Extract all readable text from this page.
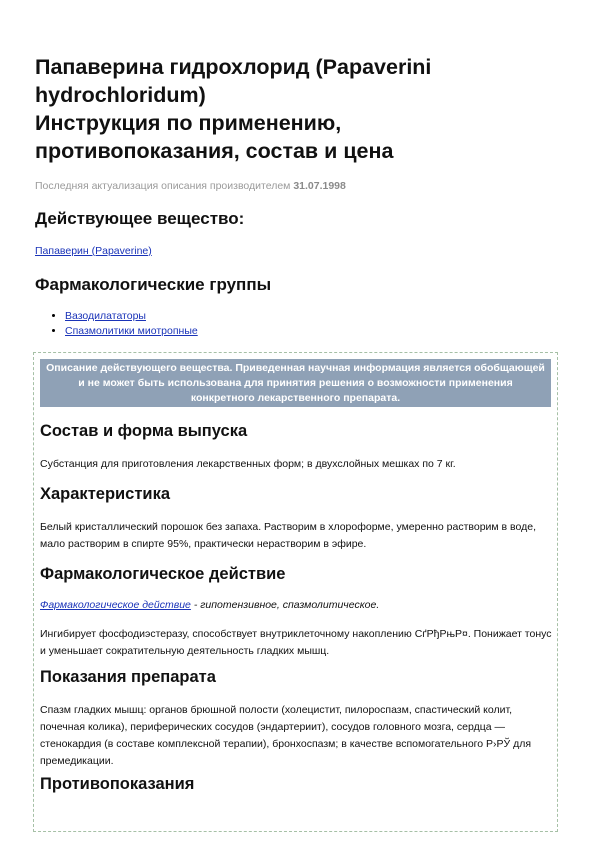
Папаверина гидрохлорид (Papaverini
hydrochloridum)
Инструкция по применению,
противопоказания, состав и цена

Последняя актуализация описания производителем 31.07.1998

Действующее вещество:
Папаверин (Papaverine)
Фармакологические группы
• Вазодилататоры
• Спазмолитики миотропные
Описание действующего вещества. Приведенная научная информация является обобщающей и не может быть использована для принятия решения о возможности применения конкретного лекарственного препарата.
Состав и форма выпуска

Субстанция для приготовления лекарственных форм; в двухслойных мешках по 7 кг.

Характеристика

Белый кристаллический порошок без запаха. Растворим в хлороформе, умеренно растворим в воде, мало растворим в спирте 95%, практически нерастворим в эфире.

Фармакологическое действие

Фармакологическое действие - гипотензивное, спазмолитическое.

Ингибирует фосфодиэстеразу, способствует внутриклеточному накоплению СґРђРњР¤. Понижает тонус и уменьшает сократительную деятельность гладких мышц.

Показания препарата

Спазм гладких мышц: органов брюшной полости (холецистит, пилороспазм, спастический колит, почечная колика), периферических сосудов (эндартериит), сосудов головного мозга, сердца — стенокардия (в составе комплексной терапии), бронхоспазм; в качестве вспомогательного Р›РЎ для премедикации.

Противопоказания
